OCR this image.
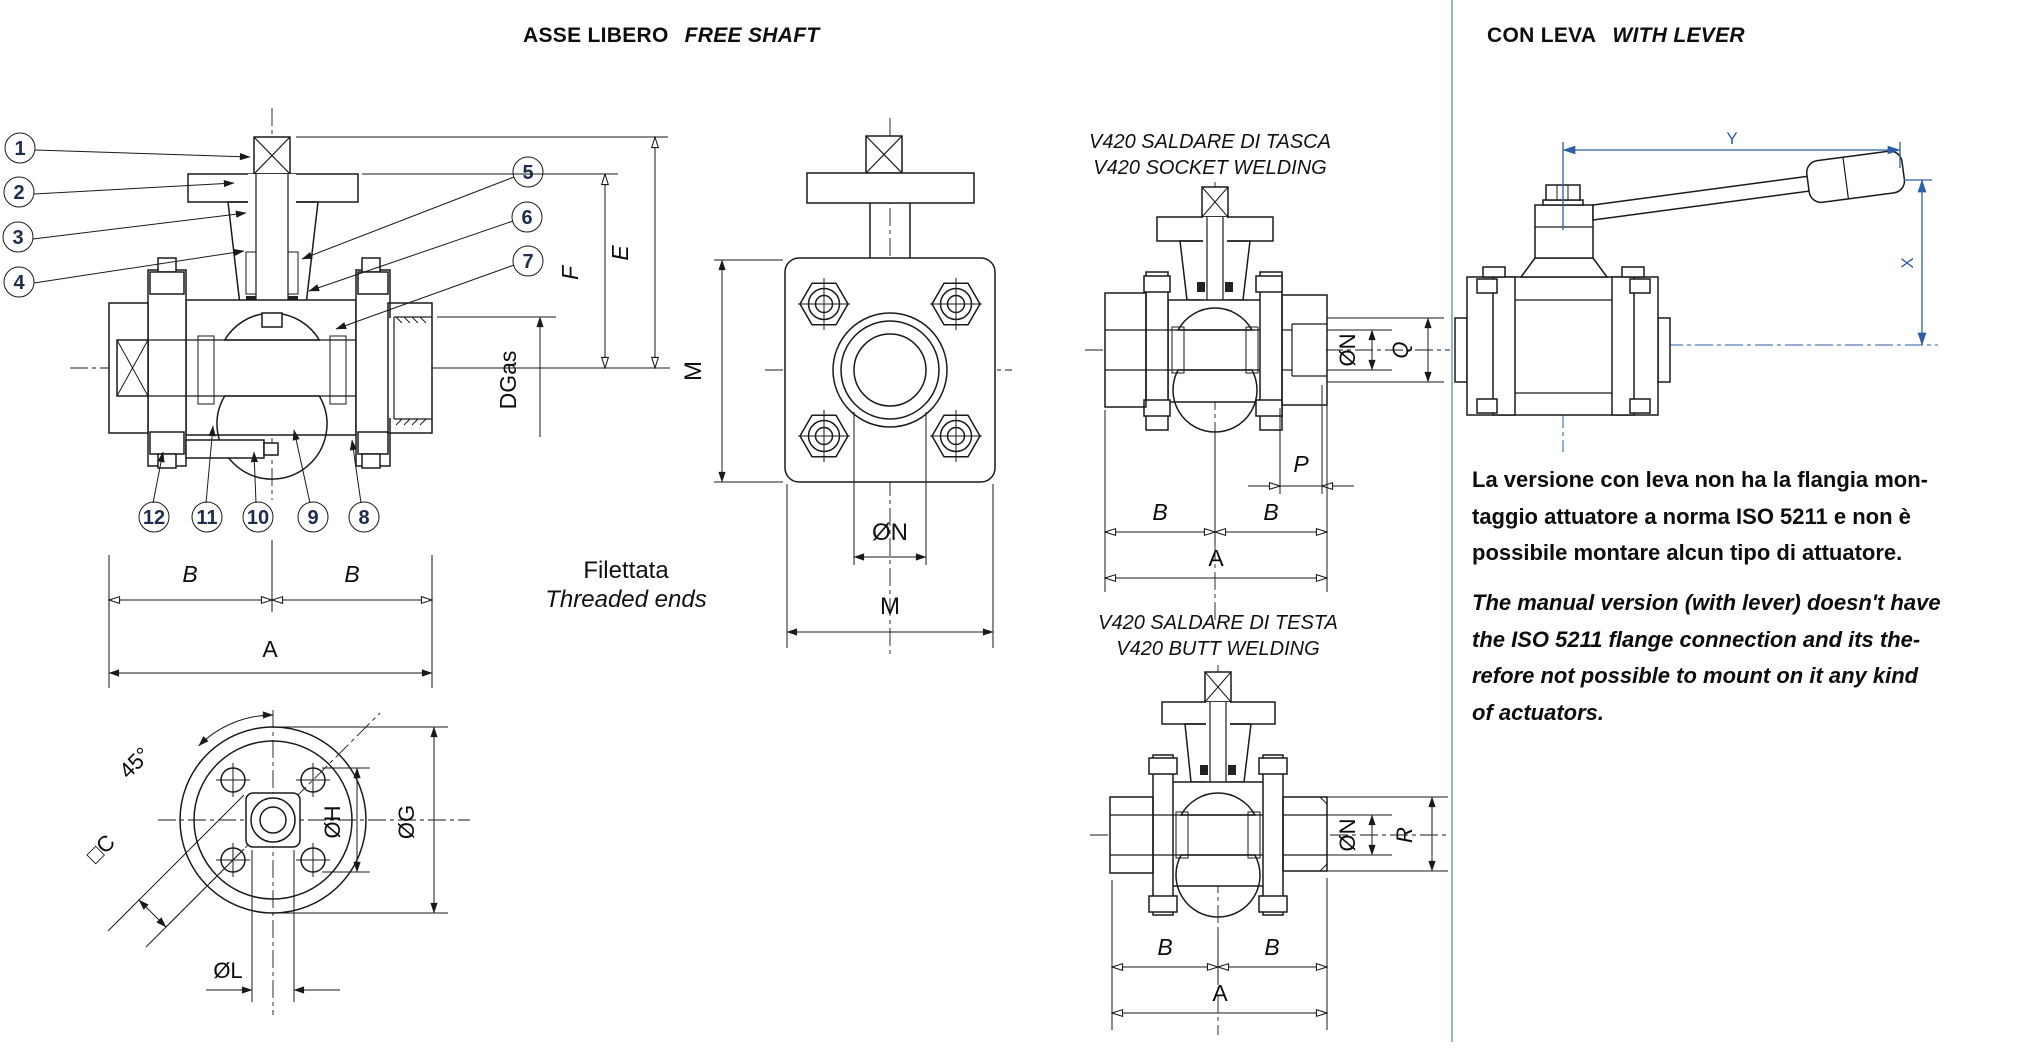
ASSE LIBERO FREE SHAFT	CON LEVA WITH LEVER
1
2
3
4
5
6
7
8
9
10
11
12
B	B
A
F
E
DGas
Filettata
Threaded ends
M
ØN
M
V420 SALDARE DI TASCA
V420 SOCKET WELDING
ØN Q
P
B	B
A
V420 SALDARE DI TESTA
V420 BUTT WELDING
ØN R
B	B
A
45°
□C
ØH ØG
ØL
Y
X
La versione con leva non ha la flangia mon-
taggio attuatore a norma ISO 5211 e non è
possibile montare alcun tipo di attuatore.
The manual version (with lever) doesn't have
the ISO 5211 flange connection and its the-
refore not possible to mount on it any kind
of actuators.
